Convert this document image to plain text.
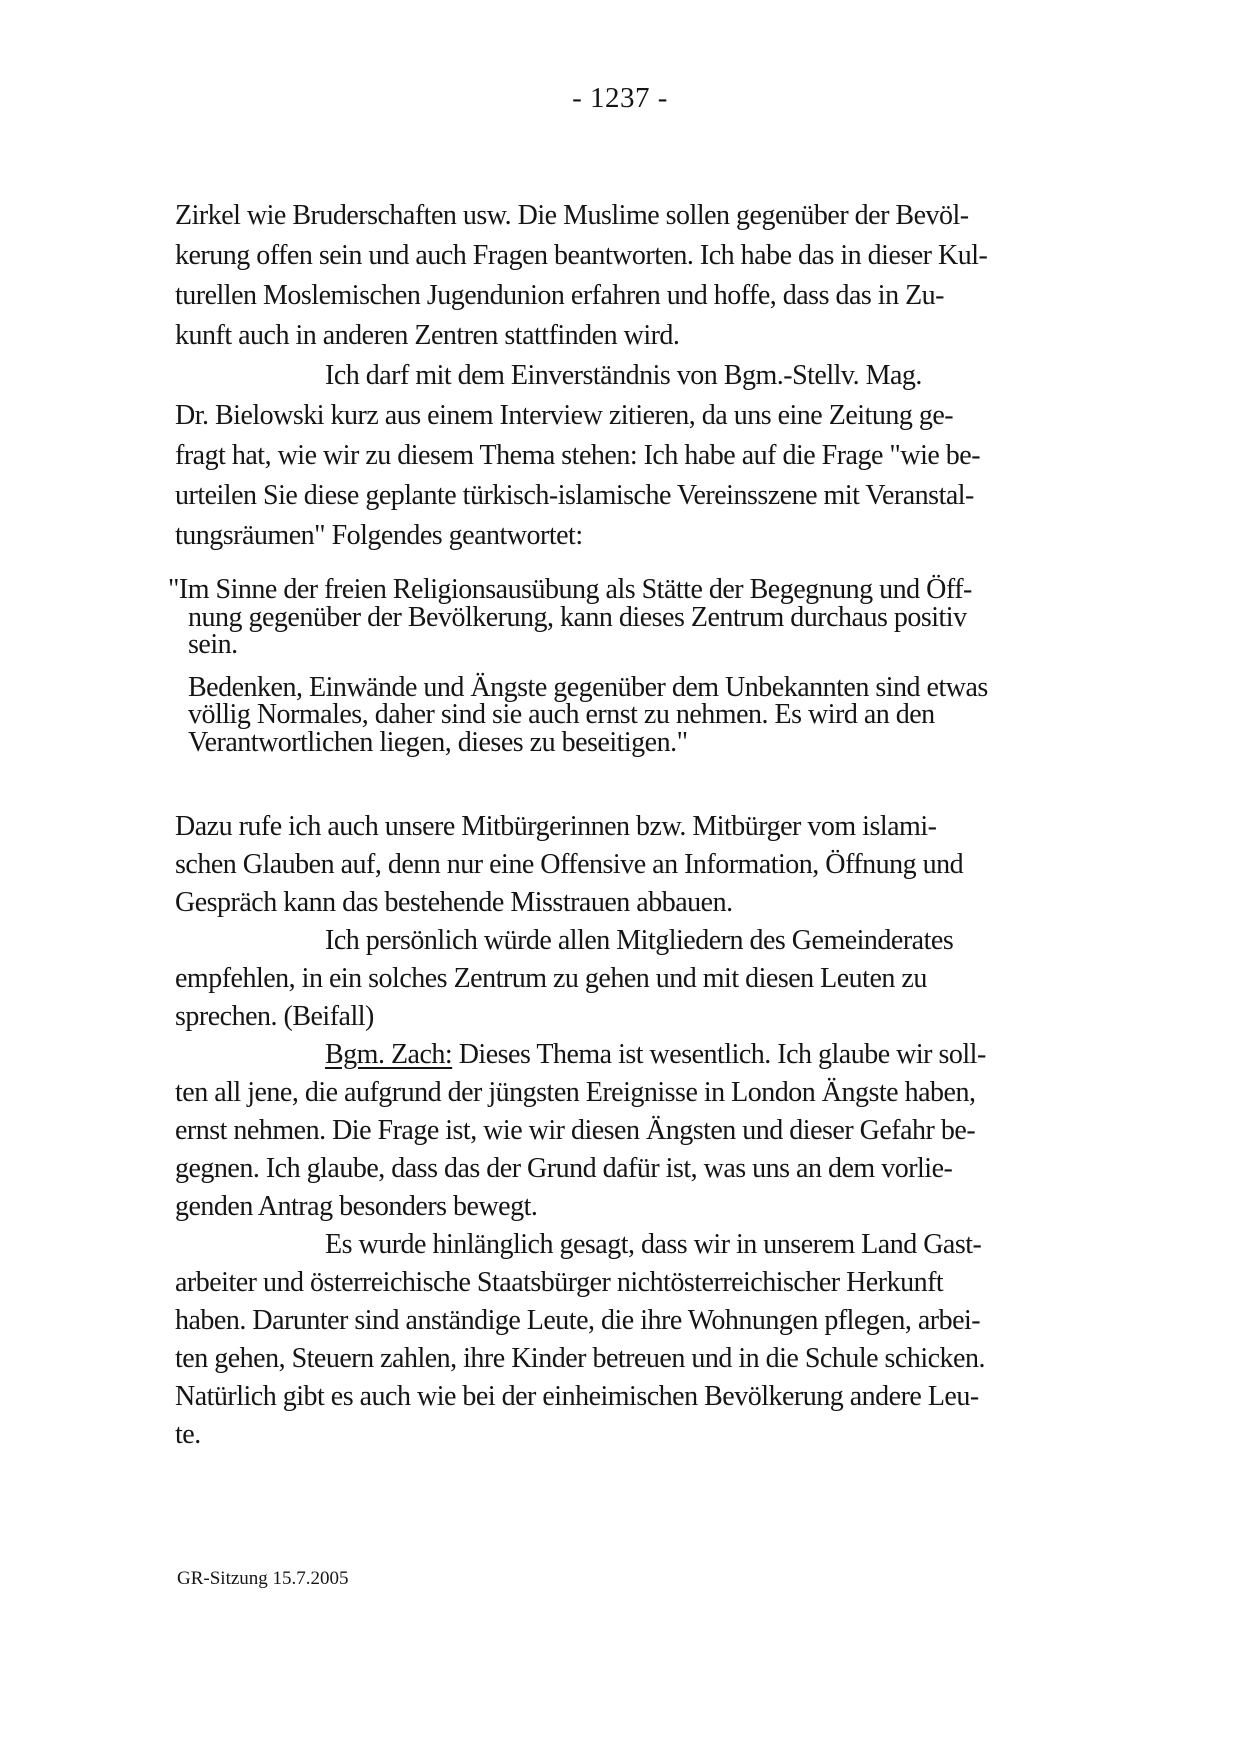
- 1237 -
Zirkel wie Bruderschaften usw. Die Muslime sollen gegenüber der Bevöl-
kerung offen sein und auch Fragen beantworten. Ich habe das in dieser Kul-
turellen Moslemischen Jugendunion erfahren und hoffe, dass das in Zu-
kunft auch in anderen Zentren stattfinden wird.
Ich darf mit dem Einverständnis von Bgm.-Stellv. Mag.
Dr. Bielowski kurz aus einem Interview zitieren, da uns eine Zeitung ge-
fragt hat, wie wir zu diesem Thema stehen: Ich habe auf die Frage "wie be-
urteilen Sie diese geplante türkisch-islamische Vereinsszene mit Veranstal-
tungsräumen" Folgendes geantwortet:
"Im Sinne der freien Religionsausübung als Stätte der Begegnung und Öff-
nung gegenüber der Bevölkerung, kann dieses Zentrum durchaus positiv
sein.
Bedenken, Einwände und Ängste gegenüber dem Unbekannten sind etwas
völlig Normales, daher sind sie auch ernst zu nehmen. Es wird an den
Verantwortlichen liegen, dieses zu beseitigen."
Dazu rufe ich auch unsere Mitbürgerinnen bzw. Mitbürger vom islami-
schen Glauben auf, denn nur eine Offensive an Information, Öffnung und
Gespräch kann das bestehende Misstrauen abbauen.
Ich persönlich würde allen Mitgliedern des Gemeinderates
empfehlen, in ein solches Zentrum zu gehen und mit diesen Leuten zu
sprechen. (Beifall)
Bgm. Zach: Dieses Thema ist wesentlich. Ich glaube wir soll-
ten all jene, die aufgrund der jüngsten Ereignisse in London Ängste haben,
ernst nehmen. Die Frage ist, wie wir diesen Ängsten und dieser Gefahr be-
gegnen. Ich glaube, dass das der Grund dafür ist, was uns an dem vorlie-
genden Antrag besonders bewegt.
Es wurde hinlänglich gesagt, dass wir in unserem Land Gast-
arbeiter und österreichische Staatsbürger nichtösterreichischer Herkunft
haben. Darunter sind anständige Leute, die ihre Wohnungen pflegen, arbei-
ten gehen, Steuern zahlen, ihre Kinder betreuen und in die Schule schicken.
Natürlich gibt es auch wie bei der einheimischen Bevölkerung andere Leu-
te.
GR-Sitzung 15.7.2005
